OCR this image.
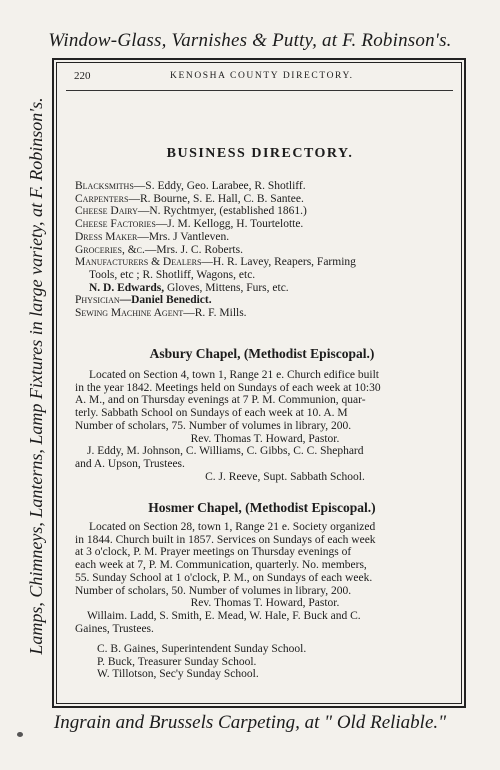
Window-Glass, Varnishes & Putty, at F. Robinson's.
Lamps, Chimneys, Lanterns, Lamp Fixtures in large variety, at F. Robinson's.
220	KENOSHA COUNTY DIRECTORY.
BUSINESS DIRECTORY.
Blacksmiths—S. Eddy, Geo. Larabee, R. Shotliff.
Carpenters—R. Bourne, S. E. Hall, C. B. Santee.
Cheese Dairy—N. Rychtmyer, (established 1861.)
Cheese Factories—J. M. Kellogg, H. Tourtelotte.
Dress Maker—Mrs. J Vantleven.
Groceries, &c.—Mrs. J. C. Roberts.
Manufacturers & Dealers—H. R. Lavey, Reapers, Farming
Tools, etc ; R. Shotliff, Wagons, etc.
N. D. Edwards, Gloves, Mittens, Furs, etc.
Physician—Daniel Benedict.
Sewing Machine Agent—R. F. Mills.
Asbury Chapel, (Methodist Episcopal.)
Located on Section 4, town 1, Range 21 e. Church edifice built
in the year 1842. Meetings held on Sundays of each week at 10:30
A. M., and on Thursday evenings at 7 P. M. Communion, quar-
terly. Sabbath School on Sundays of each week at 10. A. M
Number of scholars, 75. Number of volumes in library, 200.
Rev. Thomas T. Howard, Pastor.
J. Eddy, M. Johnson, C. Williams, C. Gibbs, C. C. Shephard
and A. Upson, Trustees.
C. J. Reeve, Supt. Sabbath School.
Hosmer Chapel, (Methodist Episcopal.)
Located on Section 28, town 1, Range 21 e. Society organized
in 1844. Church built in 1857. Services on Sundays of each week
at 3 o'clock, P. M. Prayer meetings on Thursday evenings of
each week at 7, P. M. Communication, quarterly. No. members,
55. Sunday School at 1 o'clock, P. M., on Sundays of each week.
Number of scholars, 50. Number of volumes in library, 200.
Rev. Thomas T. Howard, Pastor.
Willaim. Ladd, S. Smith, E. Mead, W. Hale, F. Buck and C.
Gaines, Trustees.
C. B. Gaines, Superintendent Sunday School.
P. Buck, Treasurer Sunday School.
W. Tillotson, Sec'y Sunday School.
Ingrain and Brussels Carpeting, at " Old Reliable."
